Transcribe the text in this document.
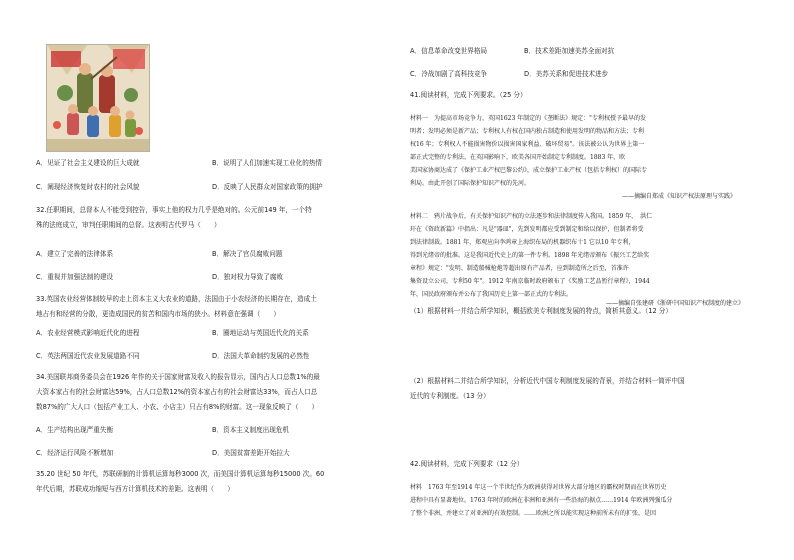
A．见证了社会主义建设的巨大成就	B．说明了人们加速实现工业化的热情
C．阐现经济恢复时农村的社会风貌	D．反映了人民群众对国家政策的拥护
32.任职期间，总督本人不能受到控告，事实上他的权力几乎是绝对的。公元前149 年，一个特
殊的法庭成立，审判任职期间的总督。这表明古代罗马（　　）
A．建立了完善的法律体系	B．解决了官员腐败问题
C．重视并加强法制的建设	D．独对权力导致了腐败
33.英国农业经营体制较早的走上资本主义大农业的道路，法国由于小农经济的长期存在，造成土
地占有和经营的分散，更造成国民的贫苦和国内市场的狭小。材料意在强调（　　）
A．农业经营模式影响近代化的进程	B．圈地运动与英国近代化的关系
C．英法两国近代农业发展道路不同	D．法国大革命制约发展的必然性
34.美国联邦商务委员会在1926 年作的关于国家财富及收入的报告显示，国内占人口总数1%的最
大资本家占有的社会财富达59%，占人口总数12%的资本家占有的社会财富达33%，而占人口总
数87%的广大人口（包括产业工人、小农、小店主）只占有8%的财富。这一现象反映了（　　）
A．生产结构出现严重失衡	B．资本主义制度出现危机
C．经济运行风险不断增加	D．美国贫富差距开始拉大
35.20 世纪 50 年代，苏联研制的计算机运算每秒3000 次，而美国计算机运算每秒15000 次。60
年代后期，苏联成功缩短与西方计算机技术的差距。这表明（　　）
A．信息革命改变世界格局	B．技术差距加速美苏全面对抗
C．冷战加剧了高科技竞争	D．美苏关系和促进技术进步
41.阅读材料，完成下列要求。（25 分）
材料一　为提高市场竞争力，英国1623 年制定的《垄断法》规定："专利权授予最早的发
明者；发明必须是新产品；专利权人有权在国内独占制造和使用发明的物品和方法；专利
权16 年；专利权人不能损害物价以损害国家利益、破坏贸易"。该法被公认为世界上第一
部正式完整的专利法。在英国影响下，欧美各国开始制定专利制度。1883 年，欧
美国家协商达成了《保护工业产权巴黎公约》，成立保护工业产权（包括专利权）的国际专
利局。由此开创了国际保护知识产权的先河。
——摘编自郑成《知识产权法原理与实践》
材料二　鸦片战争后，有关保护知识产权的立法逐步和法律制度传入我国。1859 年，　洪仁
玕在《资政新篇》中指出：凡是"器皿"，先到发明都应受到制定和给以保护，但制者将受
到法律制裁。1881 年，郑观应向李鸿章上海织布局的机器织布十1 它以10 年专利，
得到光绪帝的批准。这是我国近代史上的第一件专利。1898 年光绪帝颁布《振兴工艺给奖
章程》规定："发明、制造船械枪炮等超出原有产品者，应到制造所之后至，首准许
集资设立公司，专利50 年"。1912 年南京临时政府颁布了《奖励工艺品暂行章程》，1944
年，国民政府颁布并公布了我国历史上第一部正式的专利法。
——摘编自张建研《浙研中国知识产权制度的建立》
（1）根据材料一并结合所学知识，概括欧美专利制度发展的特点，简析其意义。（12 分）
（2）根据材料二并结合所学知识，分析近代中国专利制度发展的背景，并结合材料一简评中国
近代的专利制度。（13 分）
42.阅读材料，完成下列要求（12 分）
材料　1763 年至1914 年这一个半世纪作为欧洲获得对世界大部分地区的霸权时期而在世界历史
进程中具有显著地位。1763 年时的欧洲在非洲和亚洲有一些沿海的据点……1914 年欧洲列强瓜分
了整个非洲，并建立了对亚洲的有效控制。……欧洲之所以能实现这种前所未有的扩张，是因
